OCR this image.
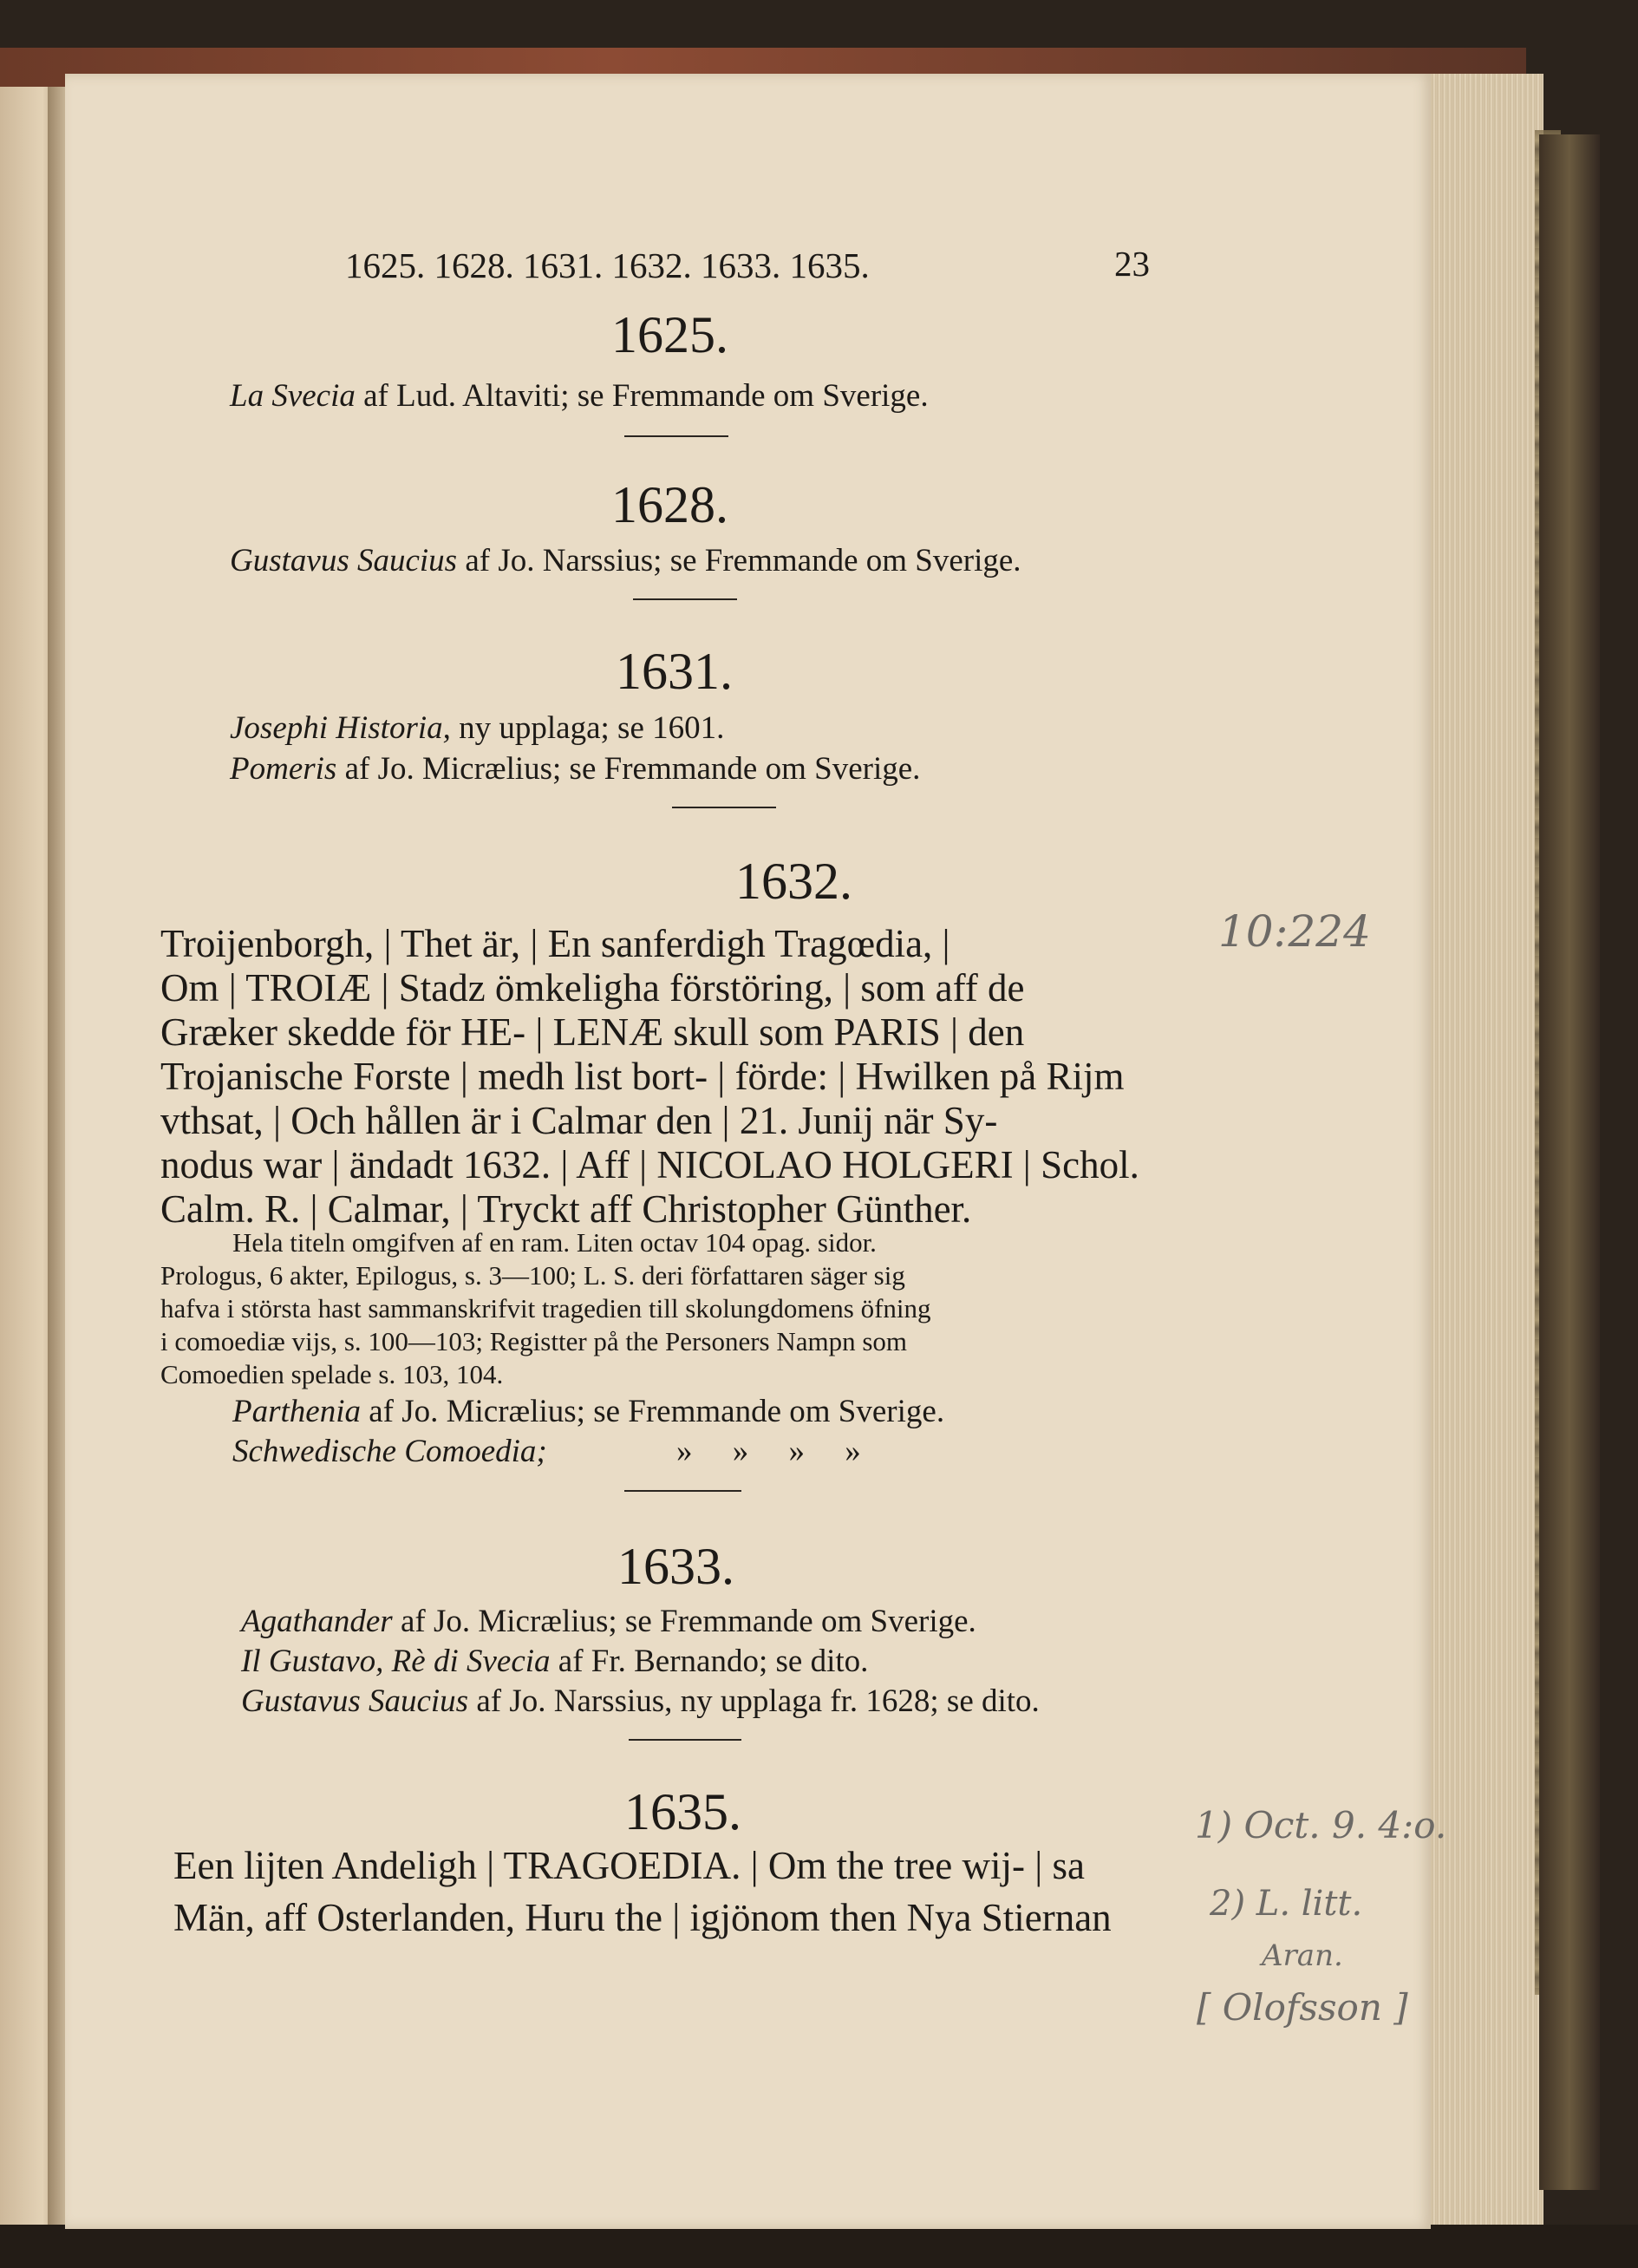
1625. 1628. 1631. 1632. 1633. 1635.	23
1625.
La Svecia af Lud. Altaviti; se Fremmande om Sverige.
1628.
Gustavus Saucius af Jo. Narssius; se Fremmande om Sverige.
1631.
Josephi Historia, ny upplaga; se 1601.
Pomeris af Jo. Micrælius; se Fremmande om Sverige.
1632.
Troijenborgh, | Thet är, | En sanferdigh Tragœdia, |
Om | TROIÆ | Stadz ömkeligha förstöring, | som aff de
Græker skedde för HE- | LENÆ skull som PARIS | den
Trojanische Forste | medh list bort- | förde: | Hwilken på Rijm
vthsat, | Och hållen är i Calmar den | 21. Junij när Sy-
nodus war | ändadt 1632. | Aff | NICOLAO HOLGERI | Schol.
Calm. R. | Calmar, | Tryckt aff Christopher Günther.
Hela titeln omgifven af en ram. Liten octav 104 opag. sidor.
Prologus, 6 akter, Epilogus, s. 3—100; L. S. deri författaren säger sig
hafva i största hast sammanskrifvit tragedien till skolungdomens öfning
i comoediæ vijs, s. 100—103; Registter på the Personers Nampn som
Comoedien spelade s. 103, 104.
Parthenia af Jo. Micrælius; se Fremmande om Sverige.
Schwedische Comoedia;	»     »     »     »
1633.
Agathander af Jo. Micrælius; se Fremmande om Sverige.
Il Gustavo, Rè di Svecia af Fr. Bernando; se dito.
Gustavus Saucius af Jo. Narssius, ny upplaga fr. 1628; se dito.
1635.
Een lijten Andeligh | TRAGOEDIA. | Om the tree wij- | sa
Män, aff Osterlanden, Huru the | igjönom then Nya Stiernan
10:224
1) Oct. 9. 4:o.
2) L. litt.
Aran.
[ Olofsson ]
